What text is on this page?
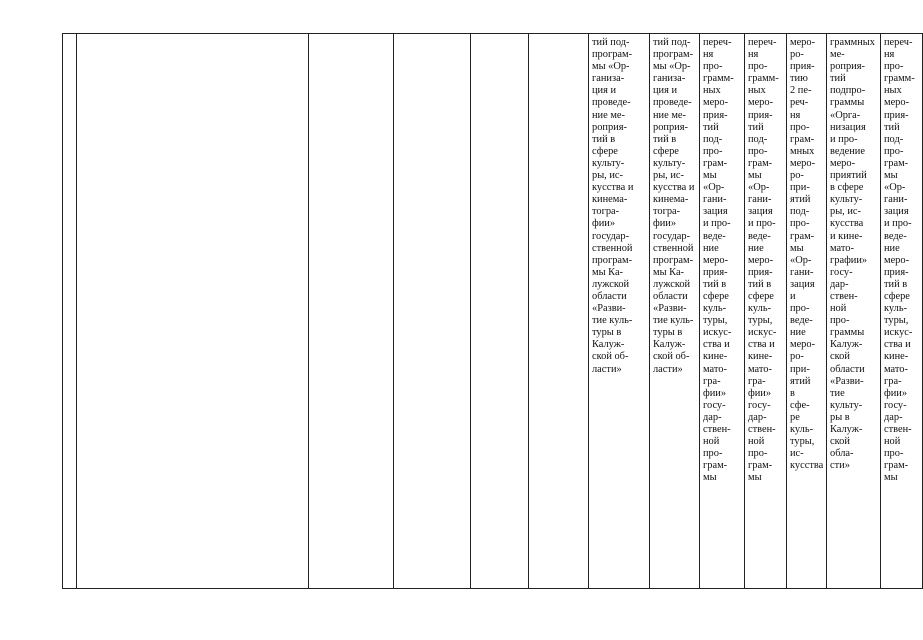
						тий под-
програм-
мы «Ор-
ганиза-
ция и
проведе-
ние ме-
роприя-
тий в
сфере
культу-
ры, ис-
кусства и
кинема-
тогра-
фии»
государ-
ственной
програм-
мы Ка-
лужской
области
«Разви-
тие куль-
туры в
Калуж-
ской об-
ласти»	тий под-
програм-
мы «Ор-
ганиза-
ция и
проведе-
ние ме-
роприя-
тий в
сфере
культу-
ры, ис-
кусства и
кинема-
тогра-
фии»
государ-
ственной
програм-
мы Ка-
лужской
области
«Разви-
тие куль-
туры в
Калуж-
ской об-
ласти»	переч-
ня
про-
грамм-
ных
меро-
прия-
тий
под-
про-
грам-
мы
«Ор-
гани-
зация
и про-
веде-
ние
меро-
прия-
тий в
сфере
куль-
туры,
искус-
ства и
кине-
мато-
гра-
фии»
госу-
дар-
ствен-
ной
про-
грам-
мы	переч-
ня
про-
грамм-
ных
меро-
прия-
тий
под-
про-
грам-
мы
«Ор-
гани-
зация
и про-
веде-
ние
меро-
прия-
тий в
сфере
куль-
туры,
искус-
ства и
кине-
мато-
гра-
фии»
госу-
дар-
ствен-
ной
про-
грам-
мы	меро-
ро-
прия-
тию
2 пе-
реч-
ня
про-
грам-
мных
меро-
ро-
при-
ятий
под-
про-
грам-
мы
«Ор-
гани-
зация
и
про-
веде-
ние
меро-
ро-
при-
ятий
в
сфе-
ре
куль-
туры,
ис-
кусства	граммных ме-
роприя-
тий
подпро-
граммы
«Орга-
низация
и про-
ведение
меро-
приятий
в сфере
культу-
ры, ис-
кусства
и кине-
мато-
графии»
госу-
дар-
ствен-
ной
про-
граммы
Калуж-
ской
области
«Разви-
тие
культу-
ры в
Калуж-
ской
обла-
сти»	переч-
ня
про-
грамм-
ных
меро-
прия-
тий
под-
про-
грам-
мы
«Ор-
гани-
зация
и про-
веде-
ние
меро-
прия-
тий в
сфере
куль-
туры,
искус-
ства и
кине-
мато-
гра-
фии»
госу-
дар-
ствен-
ной
про-
грам-
мы
